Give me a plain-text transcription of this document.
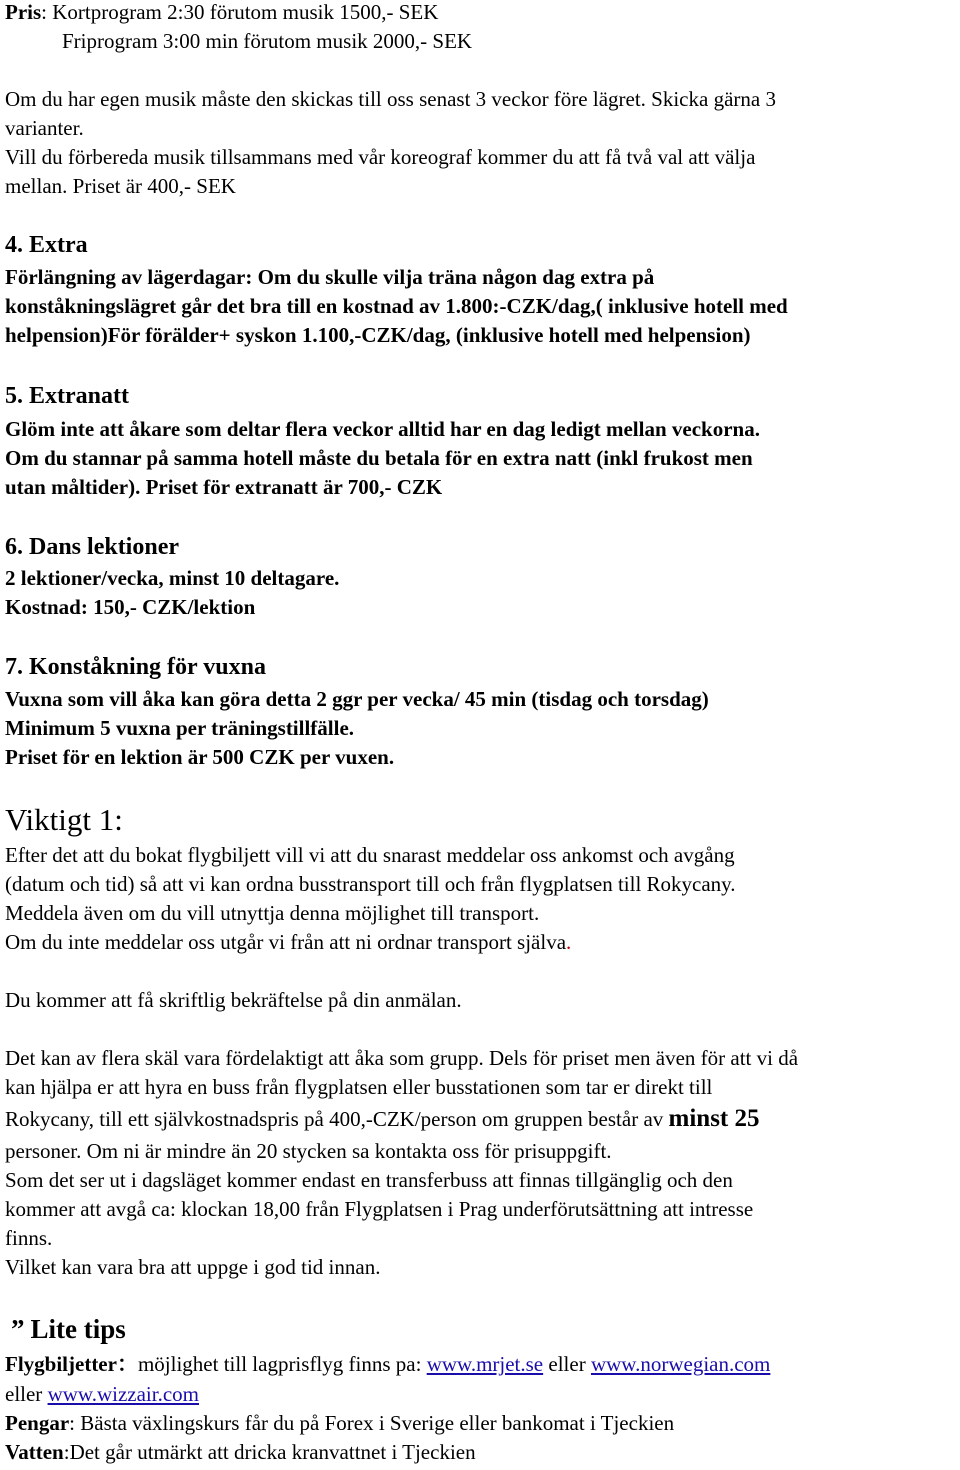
Pris: Kortprogram 2:30 förutom musik 1500,- SEK

Friprogram 3:00 min förutom musik 2000,- SEK

Om du har egen musik måste den skickas till oss senast 3 veckor före lägret. Skicka gärna 3

varianter.

Vill du förbereda musik tillsammans med vår koreograf kommer du att få två val att välja

mellan. Priset är 400,- SEK

4. Extra

Förlängning av lägerdagar: Om du skulle vilja träna någon dag extra på

konståkningslägret går det bra till en kostnad av 1.800:-CZK/dag,( inklusive hotell med

helpension)För förälder+ syskon 1.100,-CZK/dag, (inklusive hotell med helpension)

5. Extranatt

Glöm inte att åkare som deltar flera veckor alltid har en dag ledigt mellan veckorna.

Om du stannar på samma hotell måste du betala för en extra natt (inkl frukost men

utan måltider). Priset för extranatt är 700,- CZK

6. Dans lektioner

2 lektioner/vecka, minst 10 deltagare.

Kostnad: 150,- CZK/lektion

7. Konståkning för vuxna

Vuxna som vill åka kan göra detta 2 ggr per vecka/ 45 min (tisdag och torsdag)

Minimum 5 vuxna per träningstillfälle.

Priset för en lektion är 500 CZK per vuxen.

Viktigt 1:

Efter det att du bokat flygbiljett vill vi att du snarast meddelar oss ankomst och avgång

(datum och tid) så att vi kan ordna busstransport till och från flygplatsen till Rokycany.

Meddela även om du vill utnyttja denna möjlighet till transport.

Om du inte meddelar oss utgår vi från att ni ordnar transport själva.

Du kommer att få skriftlig bekräftelse på din anmälan.

Det kan av flera skäl vara fördelaktigt att åka som grupp. Dels för priset men även för att vi då

kan hjälpa er att hyra en buss från flygplatsen eller busstationen som tar er direkt till

Rokycany, till ett självkostnadspris på 400,-CZK/person om gruppen består av minst 25

personer. Om ni är mindre än 20 stycken sa kontakta oss för prisuppgift.

Som det ser ut i dagsläget kommer endast en transferbuss att finnas tillgänglig och den

kommer att avgå ca: klockan 18,00 från Flygplatsen i Prag underförutsättning att intresse

finns.

Vilket kan vara bra att uppge i god tid innan.

” Lite tips

Flygbiljetter：möjlighet till lagprisflyg finns pa: www.mrjet.se eller www.norwegian.com

eller www.wizzair.com

Pengar: Bästa växlingskurs får du på Forex i Sverige eller bankomat i Tjeckien

Vatten:Det går utmärkt att dricka kranvattnet i Tjeckien
